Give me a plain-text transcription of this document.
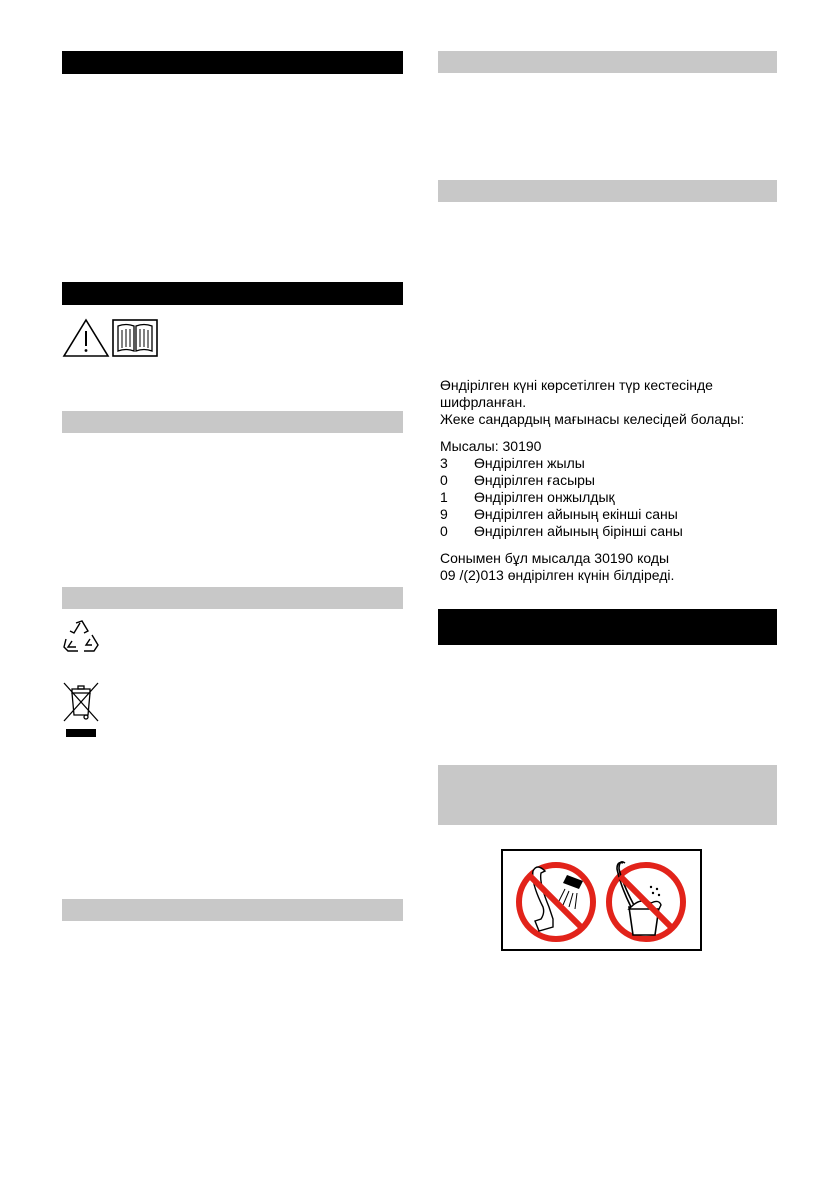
Өндірілген күні көрсетілген түр кестесінде
шифрланған.
Жеке сандардың мағынасы келесідей болады:
Мысалы: 30190
3	Өндірілген жылы
0	Өндірілген ғасыры
1	Өндірілген онжылдық
9	Өндірілген айының екінші саны
0	Өндірілген айының бірінші саны
Сонымен бұл мысалда 30190 коды
09 /(2)013 өндірілген күнін білдіреді.
